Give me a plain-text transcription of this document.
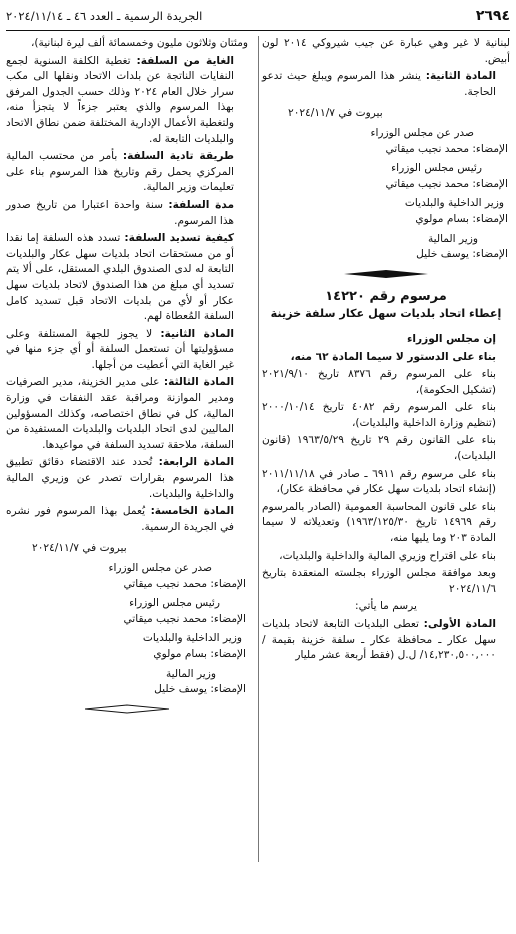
الجريدة الرسمية ـ العدد ٤٦ ـ ٢٠٢٤/١١/١٤	٢٦٩٤

لبنانية لا غير وهي عبارة عن جيب شيروكي ٢٠١٤ لون أبيض.

المادة الثانية: ينشر هذا المرسوم ويبلغ حيث تدعو الحاجة.

بيروت في ٢٠٢٤/١١/٧

صدر عن مجلس الوزراء

الإمضاء: محمد نجيب ميقاتي

رئيس مجلس الوزراء

الإمضاء: محمد نجيب ميقاتي

وزير الداخلية والبلديات

الإمضاء: بسام مولوي

وزير المالية

الإمضاء: يوسف خليل

مرسوم رقم ١٤٢٢٠

إعطاء اتحاد بلديات سهل عكار سلفة خزينة

إن مجلس الوزراء

بناء على الدستور لا سيما المادة ٦٢ منه،

بناء على المرسوم رقم ٨٣٧٦ تاريخ ٢٠٢١/٩/١٠ (تشكيل الحكومة)،

بناء على المرسوم رقم ٤٠٨٢ تاريخ ٢٠٠٠/١٠/١٤ (تنظيم وزارة الداخلية والبلديات)،

بناء على القانون رقم ٢٩ تاريخ ١٩٦٣/٥/٢٩ (قانون البلديات)،

بناء على مرسوم رقم ٦٩١١ ـ صادر في ٢٠١١/١١/١٨ (إنشاء اتحاد بلديات سهل عكار في محافظة عكار)،

بناء على قانون المحاسبة العمومية (الصادر بالمرسوم رقم ١٤٩٦٩ تاريخ ١٩٦٣/١٢٥/٣٠) وتعديلاته لا سيما المادة ٢٠٣ وما يليها منه،

بناء على اقتراح وزيري المالية والداخلية والبلديات،

وبعد موافقة مجلس الوزراء بجلسته المنعقدة بتاريخ ٢٠٢٤/١١/٦

يرسم ما يأتي:

المادة الأولى: تعطى البلديات التابعة لاتحاد بلديات سهل عكار ـ محافظة عكار ـ سلفة خزينة بقيمة /١٤,٢٣٠,٥٠٠,٠٠٠/ ل.ل (فقط أربعة عشر مليار

ومئتان وثلاثون مليون وخمسمائة ألف ليرة لبنانية)،

الغاية من السلفة: تغطية الكلفة السنوية لجمع النفايات الناتجة عن بلدات الاتحاد ونقلها الى مكب سرار خلال العام ٢٠٢٤ وذلك حسب الجدول المرفق بهذا المرسوم والذي يعتبر جزءاً لا يتجزأ منه، ولتغطية الأعمال الإدارية المختلفة ضمن نطاق الاتحاد والبلديات التابعة له.

طريقة تادية السلفة: بأمر من محتسب المالية المركزي يحمل رقم وتاريخ هذا المرسوم بناء على تعليمات وزير المالية.

مدة السلفة: سنة واحدة اعتبارا من تاريخ صدور هذا المرسوم.

كيفية تسديد السلفة: تسدد هذه السلفة إما نقدا أو من مستحقات اتحاد بلديات سهل عكار والبلديات التابعة له لدى الصندوق البلدي المستقل، على ألا يتم تسديد أي مبلغ من هذا الصندوق لاتحاد بلديات سهل عكار أو لأي من بلديات الاتحاد قبل تسديد كامل السلفة المُعطاة لهم.

المادة الثانية: لا يجوز للجهة المستلفة وعلى مسؤوليتها أن تستعمل السلفة أو أي جزء منها في غير الغاية التي أعطيت من أجلها.

المادة الثالثة: على مدير الخزينة، مدير الصرفيات ومدير الموازنة ومراقبة عقد النفقات في وزارة المالية، كل في نطاق اختصاصه، وكذلك المسؤولين الماليين لدى اتحاد البلديات والبلديات المستفيدة من السلفة، ملاحقة تسديد السلفة في مواعيدها.

المادة الرابعة: تُحدد عند الاقتضاء دقائق تطبيق هذا المرسوم بقرارات تصدر عن وزيري المالية والداخلية والبلديات.

المادة الخامسة: يُعمل بهذا المرسوم فور نشره في الجريدة الرسمية.

بيروت في ٢٠٢٤/١١/٧

صدر عن مجلس الوزراء

الإمضاء: محمد نجيب ميقاتي

رئيس مجلس الوزراء

الإمضاء: محمد نجيب ميقاتي

وزير الداخلية والبلديات

الإمضاء: بسام مولوي

وزير المالية

الإمضاء: يوسف خليل
